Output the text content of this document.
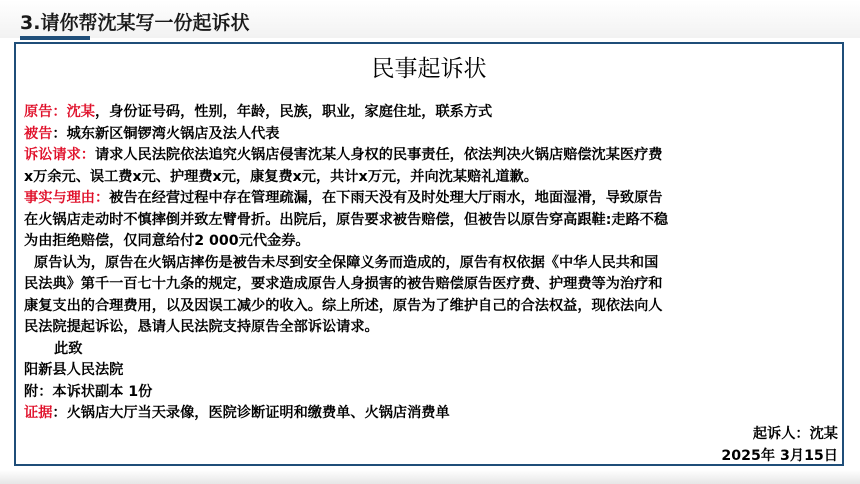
3.请你帮沈某写一份起诉状
民事起诉状
原告：沈某，身份证号码，性别，年龄，民族，职业，家庭住址，联系方式
被告：城东新区铜锣湾火锅店及法人代表
诉讼请求：请求人民法院依法追究火锅店侵害沈某人身权的民事责任，依法判决火锅店赔偿沈某医疗费
x万余元、误工费x元、护理费x元，康复费x元，共计x万元，并向沈某赔礼道歉。
事实与理由：被告在经营过程中存在管理疏漏，在下雨天没有及时处理大厅雨水，地面湿滑，导致原告
在火锅店走动时不慎摔倒并致左臂骨折。出院后，原告要求被告赔偿，但被告以原告穿高跟鞋:走路不稳
为由拒绝赔偿，仅同意给付2 000元代金券。
原告认为，原告在火锅店摔伤是被告未尽到安全保障义务而造成的，原告有权依据《中华人民共和国
民法典》第千一百七十九条的规定，要求造成原告人身损害的被告赔偿原告医疗费、护理费等为治疗和
康复支出的合理费用，以及因误工减少的收入。综上所述，原告为了维护自己的合法权益，现依法向人
民法院提起诉讼，恳请人民法院支持原告全部诉讼请求。
此致
阳新县人民法院
附：本诉状副本 1份
证据：火锅店大厅当天录像，医院诊断证明和缴费单、火锅店消费单
起诉人：沈某
2025年 3月15日
